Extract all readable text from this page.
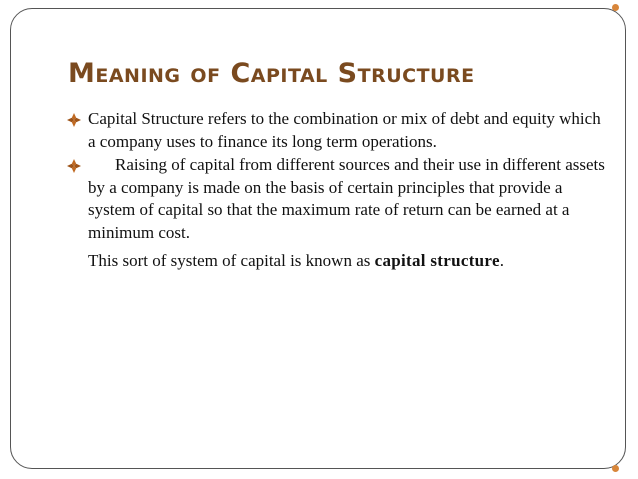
Meaning of Capital Structure
Capital Structure refers to the combination or mix of debt and equity which a company uses to finance its long term operations.
Raising of capital from different sources and their use in different assets by a company is made on the basis of certain principles that provide a system of capital so that the maximum rate of return can be earned at a minimum cost.

This sort of system of capital is known as capital structure.
